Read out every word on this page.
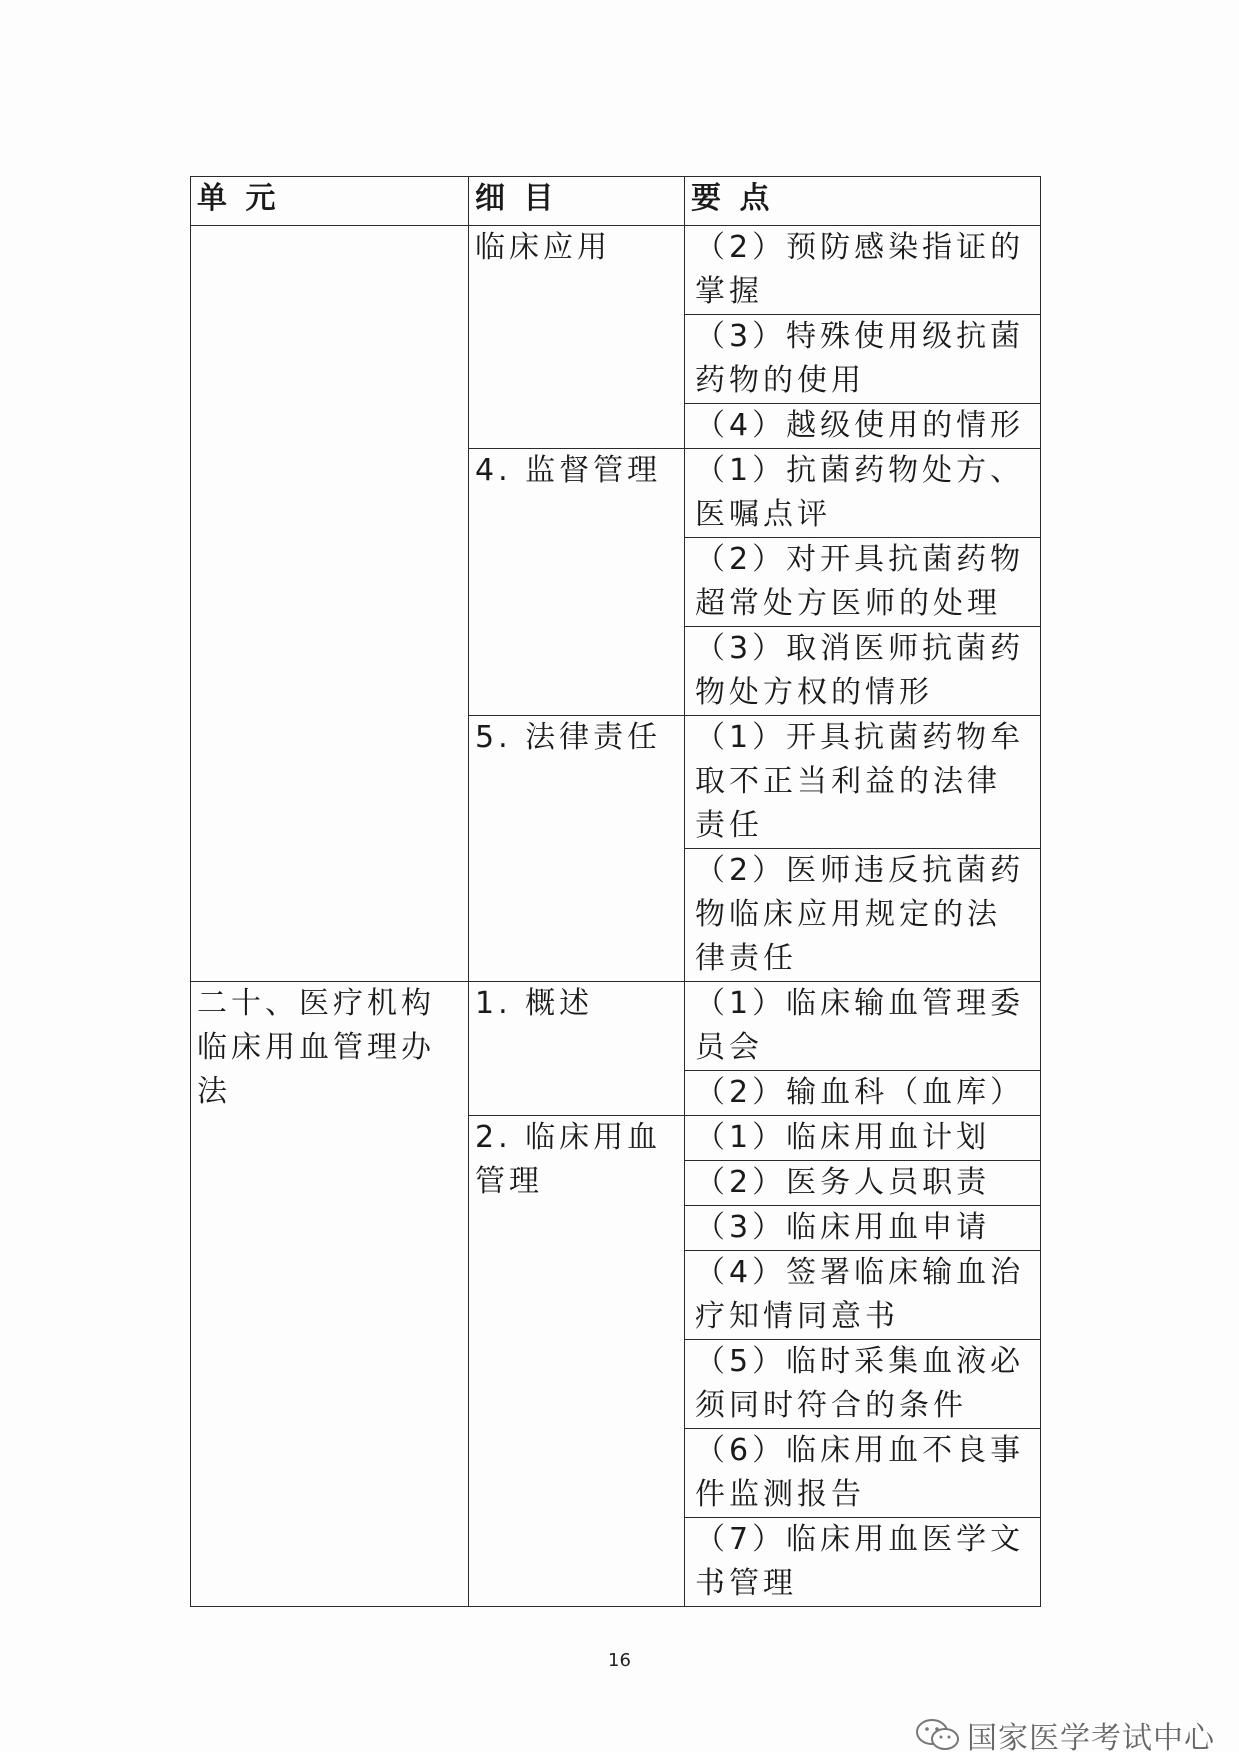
单 元	细 目	要 点
	临床应用	（2）预防感染指证的掌握
		（3）特殊使用级抗菌药物的使用
		（4）越级使用的情形
	4. 监督管理	（1）抗菌药物处方、医嘱点评
		（2）对开具抗菌药物超常处方医师的处理
		（3）取消医师抗菌药物处方权的情形
	5. 法律责任	（1）开具抗菌药物牟取不正当利益的法律责任
		（2）医师违反抗菌药物临床应用规定的法律责任
二十、医疗机构临床用血管理办法	1. 概述	（1）临床输血管理委员会
		（2）输血科（血库）
	2. 临床用血管理	（1）临床用血计划
		（2）医务人员职责
		（3）临床用血申请
		（4）签署临床输血治疗知情同意书
		（5）临时采集血液必须同时符合的条件
		（6）临床用血不良事件监测报告
		（7）临床用血医学文书管理
16
国家医学考试中心
